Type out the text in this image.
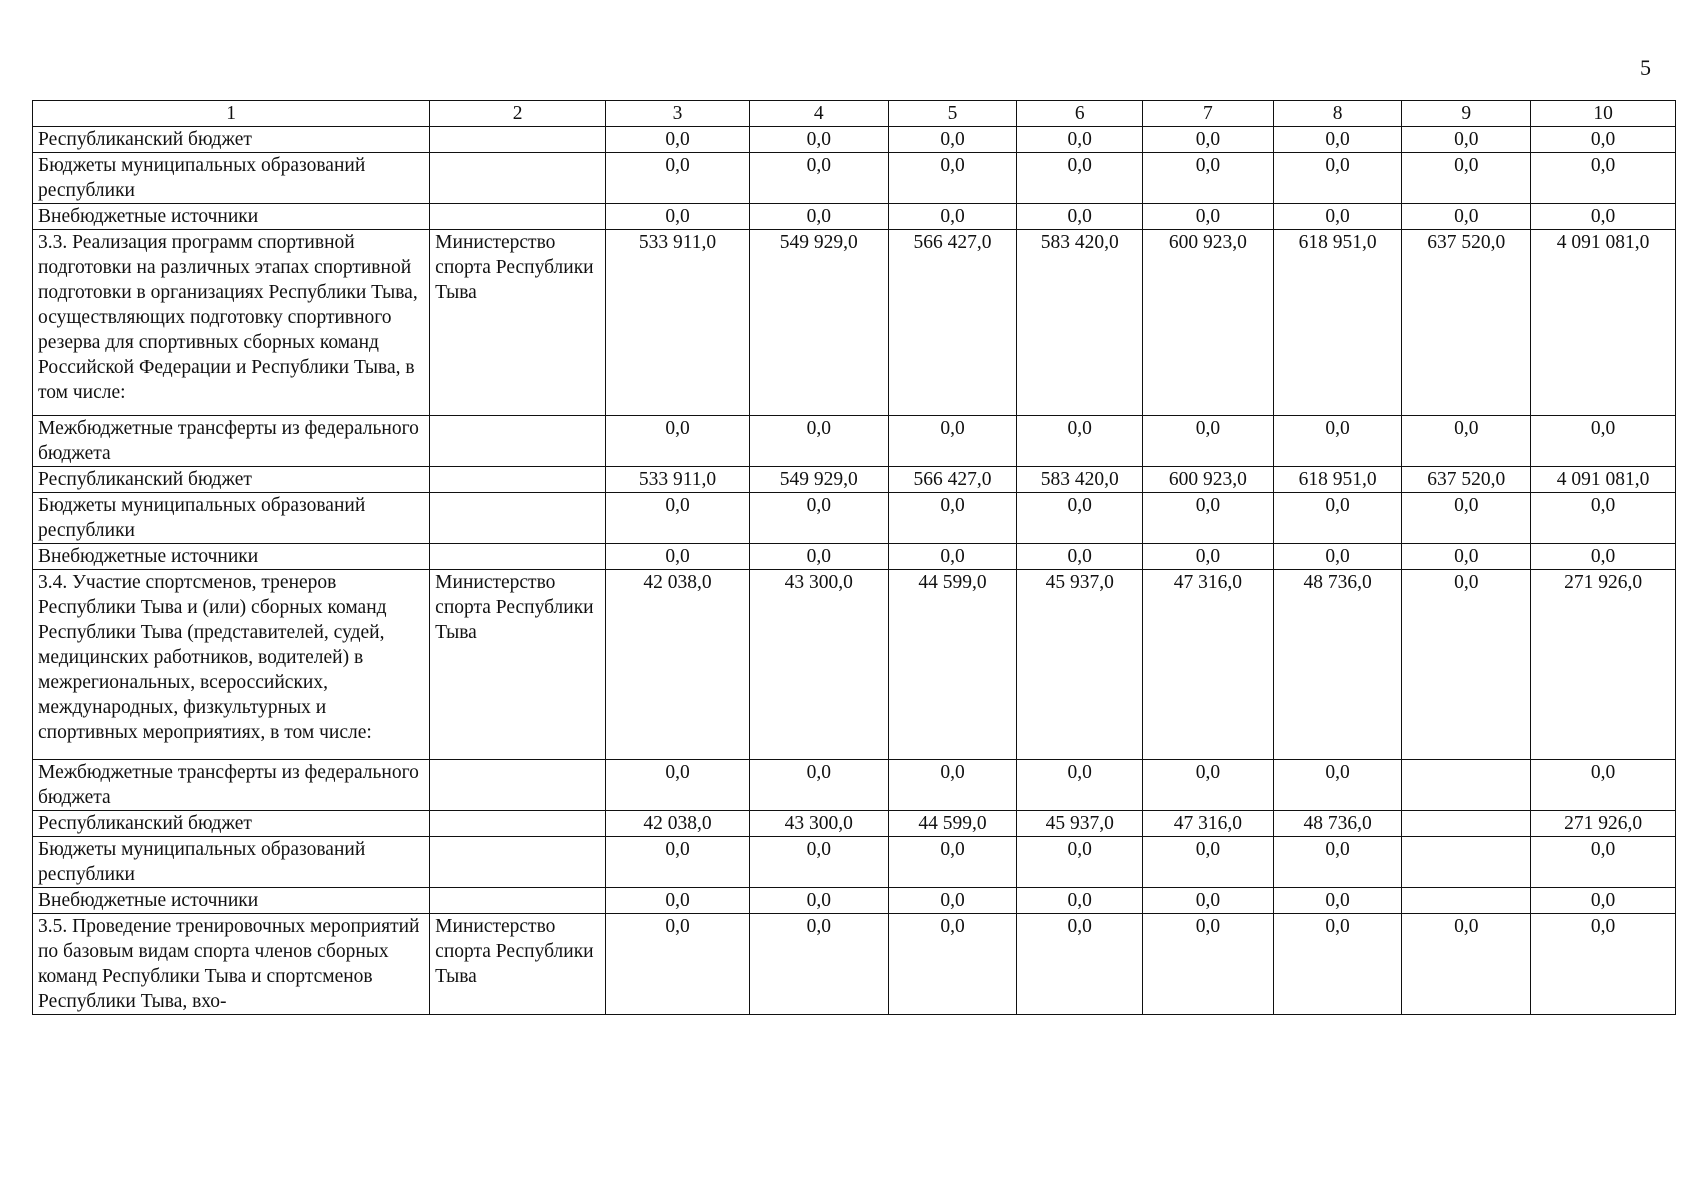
5
1	2	3	4	5	6	7	8	9	10
Республиканский бюджет		0,0	0,0	0,0	0,0	0,0	0,0	0,0	0,0
Бюджеты муниципальных образований республики		0,0	0,0	0,0	0,0	0,0	0,0	0,0	0,0
Внебюджетные источники		0,0	0,0	0,0	0,0	0,0	0,0	0,0	0,0
3.3. Реализация программ спортивной подготовки на различных этапах спортивной подготовки в организациях Республики Тыва, осуществляющих подготовку спортивного резерва для спортивных сборных команд Российской Федерации и Республики Тыва, в том числе:	Министерство спорта Республики Тыва	533 911,0	549 929,0	566 427,0	583 420,0	600 923,0	618 951,0	637 520,0	4 091 081,0
Межбюджетные трансферты из федерального бюджета		0,0	0,0	0,0	0,0	0,0	0,0	0,0	0,0
Республиканский бюджет		533 911,0	549 929,0	566 427,0	583 420,0	600 923,0	618 951,0	637 520,0	4 091 081,0
Бюджеты муниципальных образований республики		0,0	0,0	0,0	0,0	0,0	0,0	0,0	0,0
Внебюджетные источники		0,0	0,0	0,0	0,0	0,0	0,0	0,0	0,0
3.4. Участие спортсменов, тренеров Республики Тыва и (или) сборных команд Республики Тыва (представителей, судей, медицинских работников, водителей) в межрегиональных, всероссийских, международных, физкультурных и спортивных мероприятиях, в том числе:	Министерство спорта Республики Тыва	42 038,0	43 300,0	44 599,0	45 937,0	47 316,0	48 736,0	0,0	271 926,0
Межбюджетные трансферты из федерального бюджета		0,0	0,0	0,0	0,0	0,0	0,0		0,0
Республиканский бюджет		42 038,0	43 300,0	44 599,0	45 937,0	47 316,0	48 736,0		271 926,0
Бюджеты муниципальных образований республики		0,0	0,0	0,0	0,0	0,0	0,0		0,0
Внебюджетные источники		0,0	0,0	0,0	0,0	0,0	0,0		0,0
3.5. Проведение тренировочных мероприятий по базовым видам спорта членов сборных команд Республики Тыва и спортсменов Республики Тыва, вхо-	Министерство спорта Республики Тыва	0,0	0,0	0,0	0,0	0,0	0,0	0,0	0,0
